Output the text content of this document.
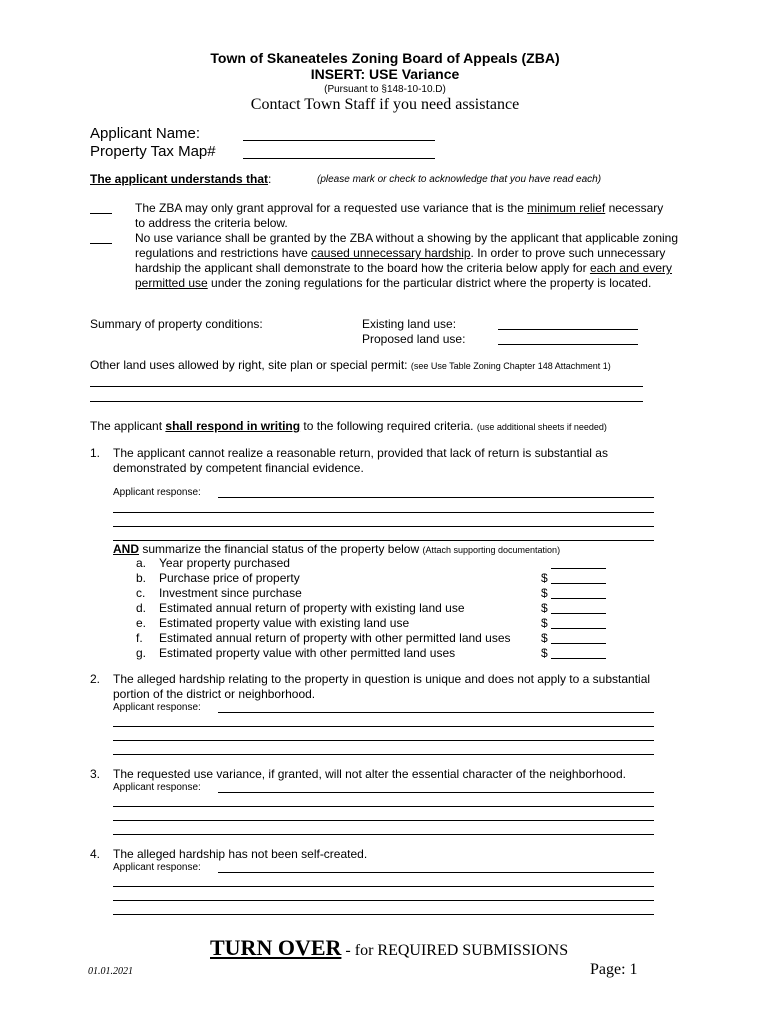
Town of Skaneateles Zoning Board of Appeals (ZBA)
INSERT: USE Variance
(Pursuant to §148-10-10.D)
Contact Town Staff if you need assistance
Applicant Name:
Property Tax Map#
The applicant understands that:	(please mark or check to acknowledge that you have read each)
The ZBA may only grant approval for a requested use variance that is the minimum relief necessary to address the criteria below.
No use variance shall be granted by the ZBA without a showing by the applicant that applicable zoning regulations and restrictions have caused unnecessary hardship. In order to prove such unnecessary hardship the applicant shall demonstrate to the board how the criteria below apply for each and every permitted use under the zoning regulations for the particular district where the property is located.
Summary of property conditions:	Existing land use:
Proposed land use:
Other land uses allowed by right, site plan or special permit: (see Use Table Zoning Chapter 148 Attachment 1)
The applicant shall respond in writing to the following required criteria. (use additional sheets if needed)
1. The applicant cannot realize a reasonable return, provided that lack of return is substantial as demonstrated by competent financial evidence.
Applicant response:
AND summarize the financial status of the property below (Attach supporting documentation)
a. Year property purchased
b. Purchase price of property	$
c. Investment since purchase	$
d. Estimated annual return of property with existing land use	$
e. Estimated property value with existing land use	$
f. Estimated annual return of property with other permitted land uses	$
g. Estimated property value with other permitted land uses	$
2. The alleged hardship relating to the property in question is unique and does not apply to a substantial portion of the district or neighborhood.
Applicant response:
3. The requested use variance, if granted, will not alter the essential character of the neighborhood.
Applicant response:
4. The alleged hardship has not been self-created.
Applicant response:
TURN OVER - for REQUIRED SUBMISSIONS
01.01.2021	Page: 1
